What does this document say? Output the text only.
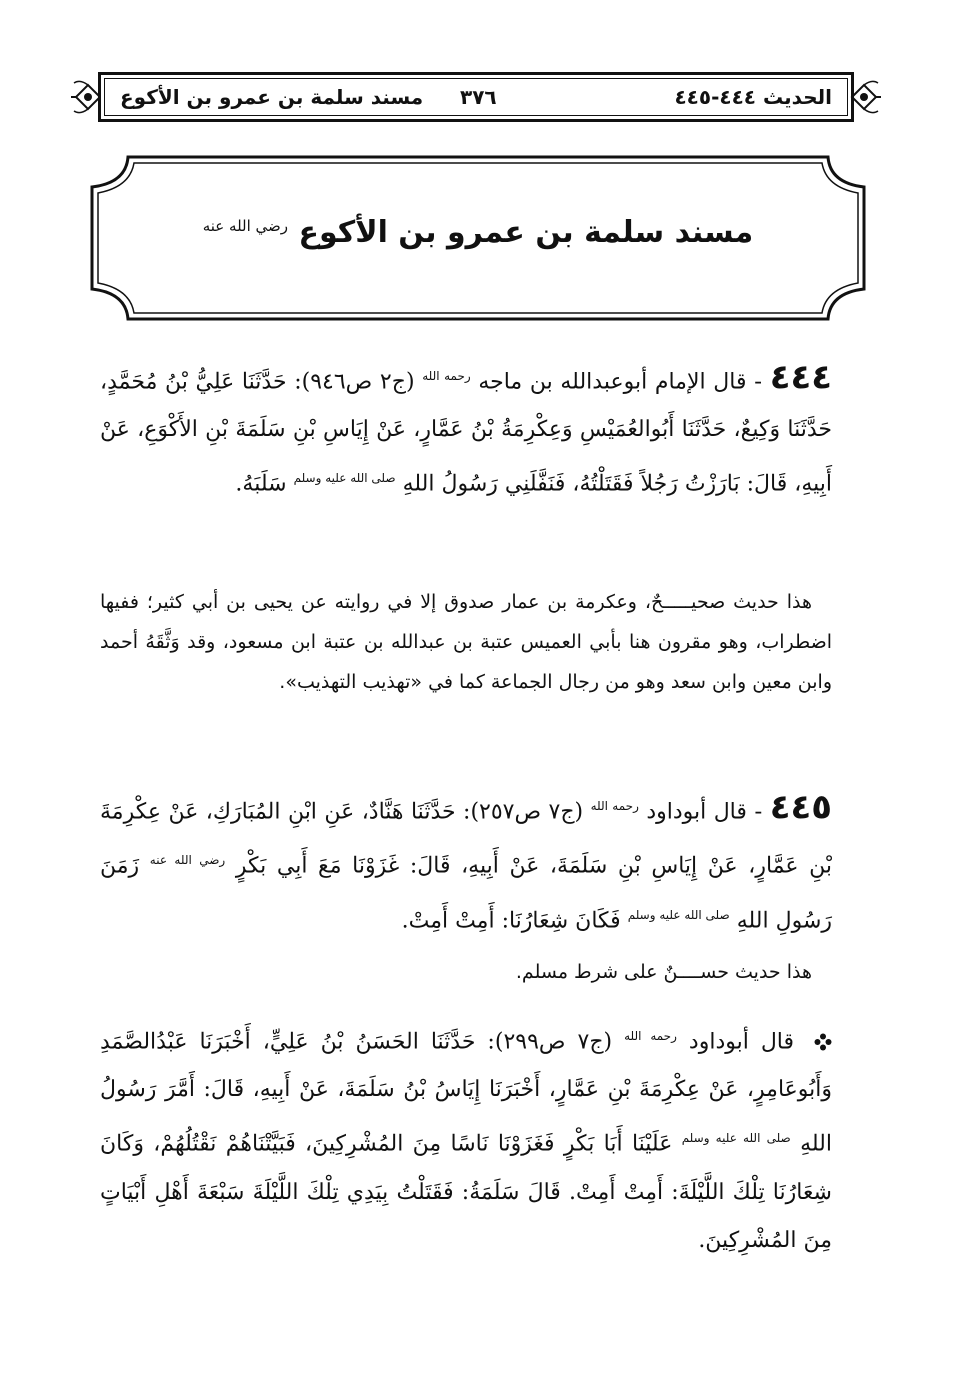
الحديث ٤٤٤-٤٤٥
٣٧٦
مسند سلمة بن عمرو بن الأكوع
مسند سلمة بن عمرو بن الأكوع $^{رضي الله عنه}$
٤٤٤ - قال الإمام أبوعبدالله بن ماجه $^{رحمه الله}$ (ج٢ ص٩٤٦): حَدَّثَنَا عَلِيُّ بْنُ مُحَمَّدٍ، حَدَّثَنَا وَكِيعٌ، حَدَّثَنَا أَبُوالعُمَيْسِ وَعِكْرِمَةُ بْنُ عَمَّارٍ، عَنْ إِيَاسِ بْنِ سَلَمَةَ بْنِ الأَكْوَعِ، عَنْ أَبِيهِ، قَالَ: بَارَزْتُ رَجُلاً فَقَتَلْتُهُ، فَنَفَّلَنِي رَسُولُ اللهِ $^{صلى الله عليه وسلم}$ سَلَبَهُ.
هذا حديث صحيـــــحٌ، وعكرمة بن عمار صدوق إلا في روايته عن يحيى بن أبي كثير؛ ففيها اضطراب، وهو مقرون هنا بأبي العميس عتبة بن عبدالله بن عتبة ابن مسعود، وقد وَثَّقَهُ أحمد وابن معين وابن سعد وهو من رجال الجماعة كما في «تهذيب التهذيب».
٤٤٥ - قال أبوداود $^{رحمه الله}$ (ج٧ ص٢٥٧): حَدَّثَنَا هَنَّادٌ، عَنِ ابْنِ المُبَارَكِ، عَنْ عِكْرِمَةَ بْنِ عَمَّارٍ، عَنْ إِيَاسِ بْنِ سَلَمَةَ، عَنْ أَبِيهِ، قَالَ: غَزَوْنَا مَعَ أَبِي بَكْرٍ $^{رضي الله عنه}$ زَمَنَ رَسُولِ اللهِ $^{صلى الله عليه وسلم}$ فَكَانَ شِعَارُنَا: أَمِتْ أَمِتْ.
هذا حديث حســــنٌ على شرط مسلم.
قال أبوداود $^{رحمه الله}$ (ج٧ ص٢٩٩): حَدَّثَنَا الحَسَنُ بْنُ عَلِيٍّ، أَخْبَرَنَا عَبْدُالصَّمَدِ وَأَبُوعَامِرٍ، عَنْ عِكْرِمَةَ بْنِ عَمَّارٍ، أَخْبَرَنَا إِيَاسُ بْنُ سَلَمَةَ، عَنْ أَبِيهِ، قَالَ: أَمَّرَ رَسُولُ اللهِ $^{صلى الله عليه وسلم}$ عَلَيْنَا أَبَا بَكْرٍ فَغَزَوْنَا نَاسًا مِنَ المُشْرِكِينَ، فَبَيَّتْنَاهُمْ نَقْتُلُهُمْ، وَكَانَ شِعَارُنَا تِلْكَ اللَّيْلَةَ: أَمِتْ أَمِتْ. قَالَ سَلَمَةُ: فَقَتَلْتُ بِيَدِي تِلْكَ اللَّيْلَةَ سَبْعَةَ أَهْلِ أَبْيَاتٍ مِنَ المُشْرِكِينَ.
